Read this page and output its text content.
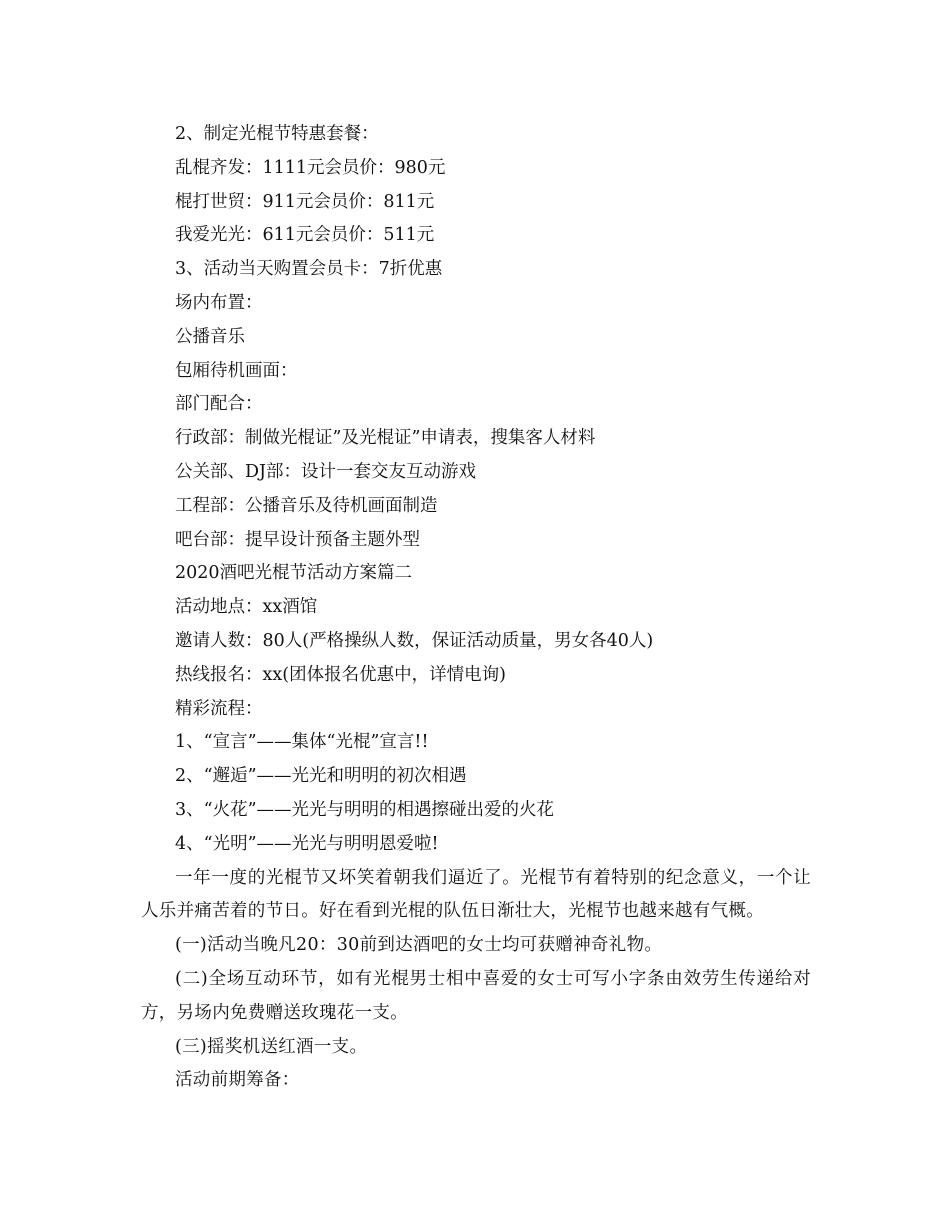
2、制定光棍节特惠套餐：
乱棍齐发：1111元会员价：980元
棍打世贸：911元会员价：811元
我爱光光：611元会员价：511元
3、活动当天购置会员卡：7折优惠
场内布置：
公播音乐
包厢待机画面：
部门配合：
行政部：制做光棍证”及光棍证”申请表，搜集客人材料
公关部、DJ部：设计一套交友互动游戏
工程部：公播音乐及待机画面制造
吧台部：提早设计预备主题外型
2020酒吧光棍节活动方案篇二
活动地点：xx酒馆
邀请人数：80人(严格操纵人数，保证活动质量，男女各40人)
热线报名：xx(团体报名优惠中，详情电询)
精彩流程：
1、“宣言”——集体“光棍”宣言!!
2、“邂逅”——光光和明明的初次相遇
3、“火花”——光光与明明的相遇擦碰出爱的火花
4、“光明”——光光与明明恩爱啦!

一年一度的光棍节又坏笑着朝我们逼近了。光棍节有着特别的纪念意义，一个让人乐并痛苦着的节日。好在看到光棍的队伍日渐壮大，光棍节也越来越有气概。

(一)活动当晚凡20：30前到达酒吧的女士均可获赠神奇礼物。

(二)全场互动环节，如有光棍男士相中喜爱的女士可写小字条由效劳生传递给对方，另场内免费赠送玫瑰花一支。

(三)摇奖机送红酒一支。

活动前期筹备：
